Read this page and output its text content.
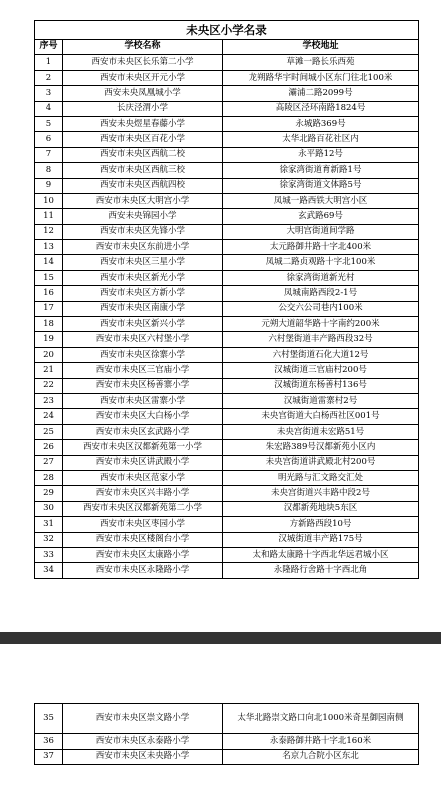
未央区小学名录		
序号	学校名称	学校地址
1	西安市未央区长乐第二小学	草滩一路长乐西苑
2	西安市未央区开元小学	龙朔路华宇时间城小区东门往北100米
3	西安未央凤凰城小学	灞浦二路2099号
4	长庆泾渭小学	高陵区泾环南路1824号
5	西安未央煜星春藤小学	永城路369号
6	西安市未央区百花小学	太华北路百花社区内
7	西安市未央区西航二校	永平路12号
8	西安市未央区西航三校	徐家湾街道育新路1号
9	西安市未央区西航四校	徐家湾街道文体路5号
10	西安市未央区大明宫小学	凤城一路西铁大明宫小区
11	西安未央锦园小学	玄武路69号
12	西安市未央区先锋小学	大明宫街道间学路
13	西安市未央区东前进小学	太元路御井路十字北400米
14	西安市未央区三星小学	凤城二路贞观路十字北100米
15	西安市未央区新光小学	徐家湾街道新光村
16	西安市未央区方新小学	凤城南路西段2-1号
17	西安市未央区南康小学	公交六公司巷内100米
18	西安市未央区新兴小学	元朔大道韶华路十字南约200米
19	西安市未央区六村堡小学	六村堡街道丰产路西段32号
20	西安市未央区徐寨小学	六村堡街道石化大道12号
21	西安市未央区三官庙小学	汉城街道三官庙村200号
22	西安市未央区杨善寨小学	汉城街道东杨善村136号
23	西安市未央区雷寨小学	汉城街道雷寨村2号
24	西安市未央区大白杨小学	未央宫街道大白杨西社区001号
25	西安市未央区玄武路小学	未央宫街道未宏路51号
26	西安市未央区汉都新苑第一小学	朱宏路389号汉都新苑小区内
27	西安市未央区讲武殿小学	未央宫街道讲武殿北村200号
28	西安市未央区范家小学	明光路与汇文路交汇处
29	西安市未央区兴丰路小学	未央宫街道兴丰路中段2号
30	西安市未央区汉都新苑第二小学	汉都新苑地块5东区
31	西安市未央区枣园小学	方新路西段10号
32	西安市未央区楼阁台小学	汉城街道丰产路175号
33	西安市未央区太康路小学	太和路太康路十字西北华远君城小区
34	西安市未央区永隆路小学	永隆路行舍路十字西北角
35	西安市未央区崇文路小学	太华北路崇文路口向北1000米奇星御园南侧
36	西安市未央区永泰路小学	永泰路御井路十字北160米
37	西安市未央区未央路小学	名京九合院小区东北
